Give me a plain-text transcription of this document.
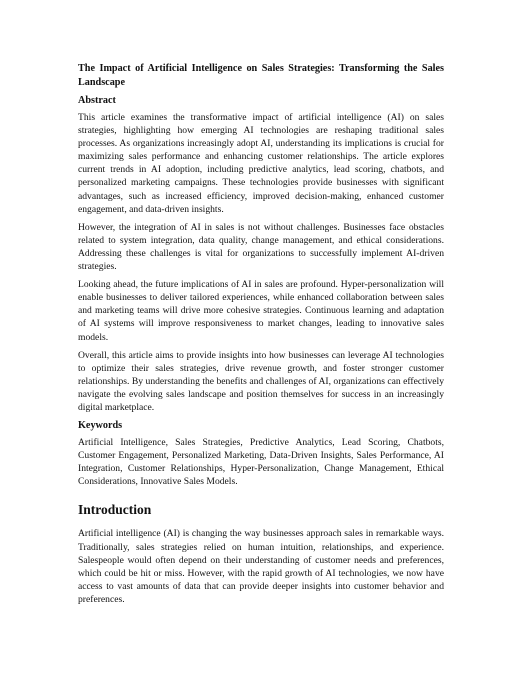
The Impact of Artificial Intelligence on Sales Strategies: Transforming the Sales Landscape
Abstract

This article examines the transformative impact of artificial intelligence (AI) on sales strategies, highlighting how emerging AI technologies are reshaping traditional sales processes. As organizations increasingly adopt AI, understanding its implications is crucial for maximizing sales performance and enhancing customer relationships. The article explores current trends in AI adoption, including predictive analytics, lead scoring, chatbots, and personalized marketing campaigns. These technologies provide businesses with significant advantages, such as increased efficiency, improved decision-making, enhanced customer engagement, and data-driven insights.

However, the integration of AI in sales is not without challenges. Businesses face obstacles related to system integration, data quality, change management, and ethical considerations. Addressing these challenges is vital for organizations to successfully implement AI-driven strategies.

Looking ahead, the future implications of AI in sales are profound. Hyper-personalization will enable businesses to deliver tailored experiences, while enhanced collaboration between sales and marketing teams will drive more cohesive strategies. Continuous learning and adaptation of AI systems will improve responsiveness to market changes, leading to innovative sales models.

Overall, this article aims to provide insights into how businesses can leverage AI technologies to optimize their sales strategies, drive revenue growth, and foster stronger customer relationships. By understanding the benefits and challenges of AI, organizations can effectively navigate the evolving sales landscape and position themselves for success in an increasingly digital marketplace.

Keywords

Artificial Intelligence, Sales Strategies, Predictive Analytics, Lead Scoring, Chatbots, Customer Engagement, Personalized Marketing, Data-Driven Insights, Sales Performance, AI Integration, Customer Relationships, Hyper-Personalization, Change Management, Ethical Considerations, Innovative Sales Models.

Introduction

Artificial intelligence (AI) is changing the way businesses approach sales in remarkable ways. Traditionally, sales strategies relied on human intuition, relationships, and experience. Salespeople would often depend on their understanding of customer needs and preferences, which could be hit or miss. However, with the rapid growth of AI technologies, we now have access to vast amounts of data that can provide deeper insights into customer behavior and preferences.
